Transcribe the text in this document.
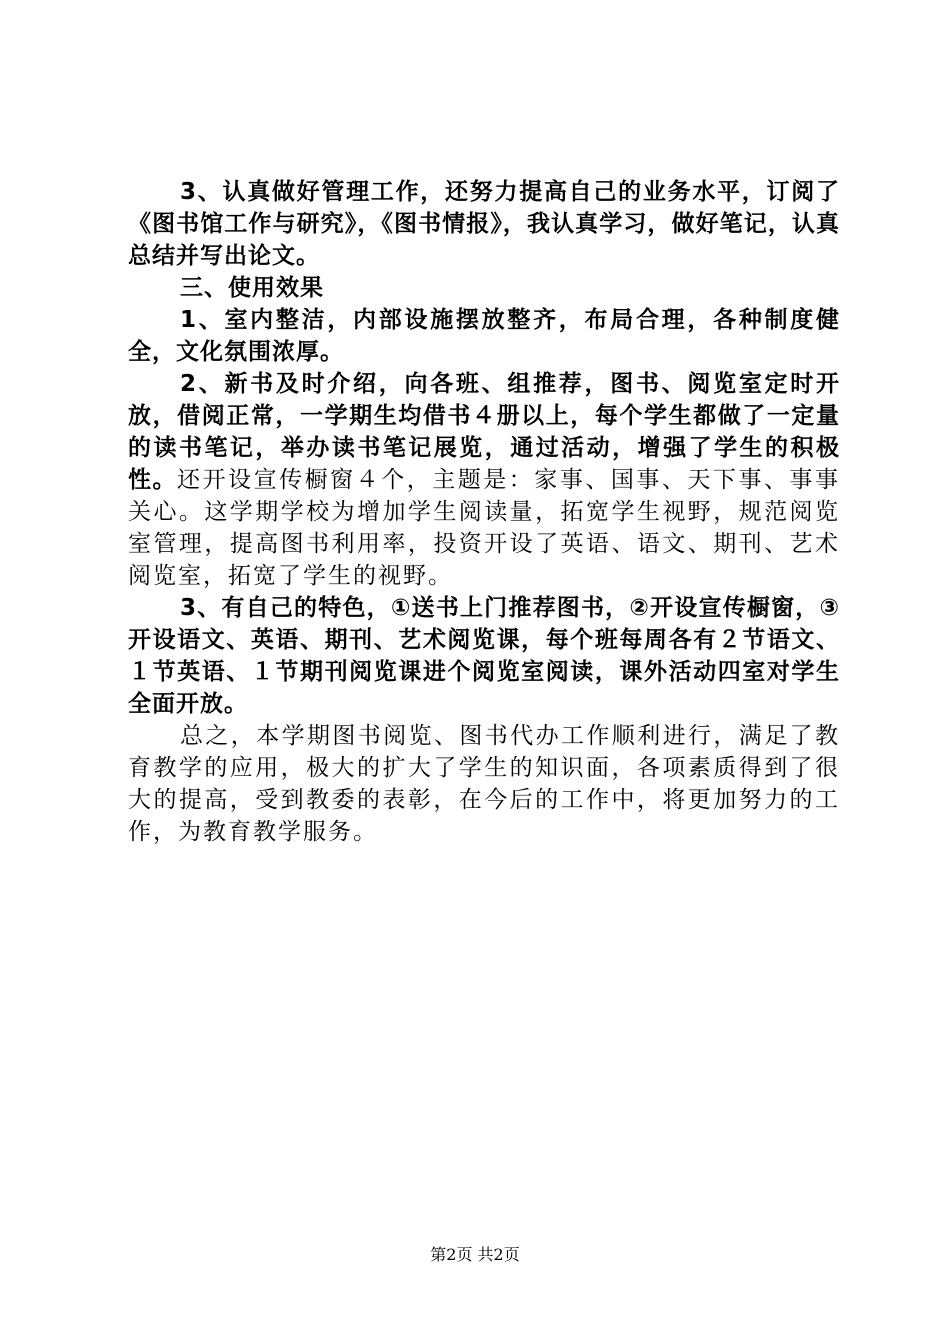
3、认真做好管理工作，还努力提高自己的业务水平，订阅了《图书馆工作与研究》，《图书情报》，我认真学习，做好笔记，认真总结并写出论文。

三、使用效果

1、室内整洁，内部设施摆放整齐，布局合理，各种制度健全，文化氛围浓厚。

2、新书及时介绍，向各班、组推荐，图书、阅览室定时开放，借阅正常，一学期生均借书４册以上，每个学生都做了一定量的读书笔记，举办读书笔记展览，通过活动，增强了学生的积极性。还开设宣传橱窗４个，主题是：家事、国事、天下事、事事关心。这学期学校为增加学生阅读量，拓宽学生视野，规范阅览室管理，提高图书利用率，投资开设了英语、语文、期刊、艺术阅览室，拓宽了学生的视野。

3、有自己的特色，①送书上门推荐图书，②开设宣传橱窗，③开设语文、英语、期刊、艺术阅览课，每个班每周各有２节语文、１节英语、１节期刊阅览课进个阅览室阅读，课外活动四室对学生全面开放。

总之，本学期图书阅览、图书代办工作顺利进行，满足了教育教学的应用，极大的扩大了学生的知识面，各项素质得到了很大的提高，受到教委的表彰，在今后的工作中，将更加努力的工作，为教育教学服务。

第2页 共2页
